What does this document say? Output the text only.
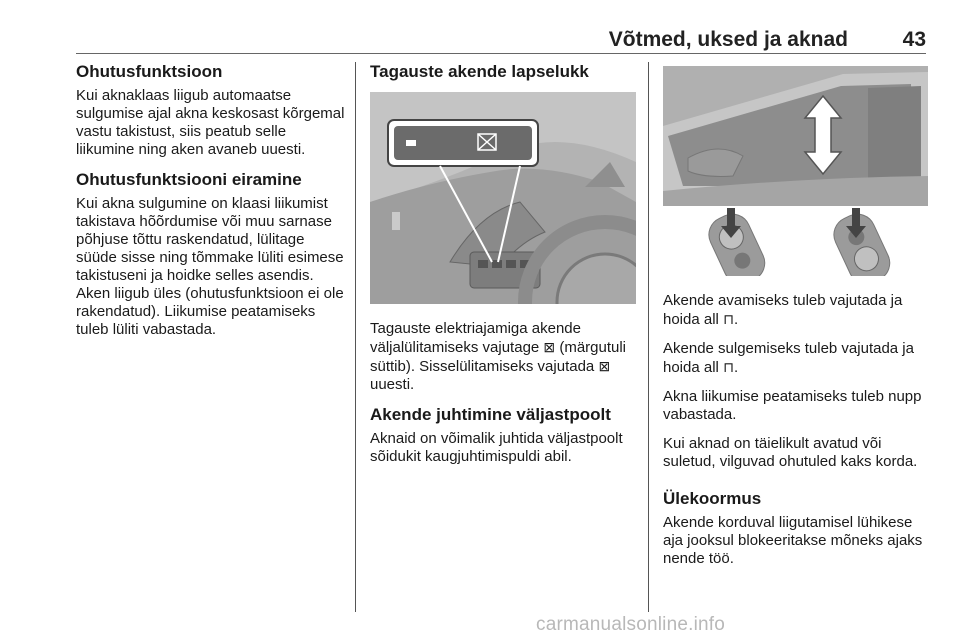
Võtmed, uksed ja aknad	43
Ohutusfunktsioon

Kui aknaklaas liigub automaatse sulgumise ajal akna keskosast kõrgemal vastu takistust, siis peatub selle liikumine ning aken avaneb uuesti.

Ohutusfunktsiooni eiramine

Kui akna sulgumine on klaasi liikumist takistava hõõrdumise või muu sarnase põhjuse tõttu raskendatud, lülitage süüde sisse ning tõmmake lüliti esimese takistuseni ja hoidke selles asendis. Aken liigub üles (ohutusfunktsioon ei ole rakendatud). Liikumise peatamiseks tuleb lüliti vabastada.

Tagauste akende lapselukk

Tagauste elektriajamiga akende väljalülitamiseks vajutage ⊠ (märgutuli süttib). Sisselülitamiseks vajutada ⊠ uuesti.

Akende juhtimine väljastpoolt

Aknaid on võimalik juhtida väljastpoolt sõidukit kaugjuhtimispuldi abil.

Akende avamiseks tuleb vajutada ja hoida all ⊓.

Akende sulgemiseks tuleb vajutada ja hoida all ⊓.

Akna liikumise peatamiseks tuleb nupp vabastada.

Kui aknad on täielikult avatud või suletud, vilguvad ohutuled kaks korda.

Ülekoormus

Akende korduval liigutamisel lühikese aja jooksul blokeeritakse mõneks ajaks nende töö.

carmanualsonline.info
